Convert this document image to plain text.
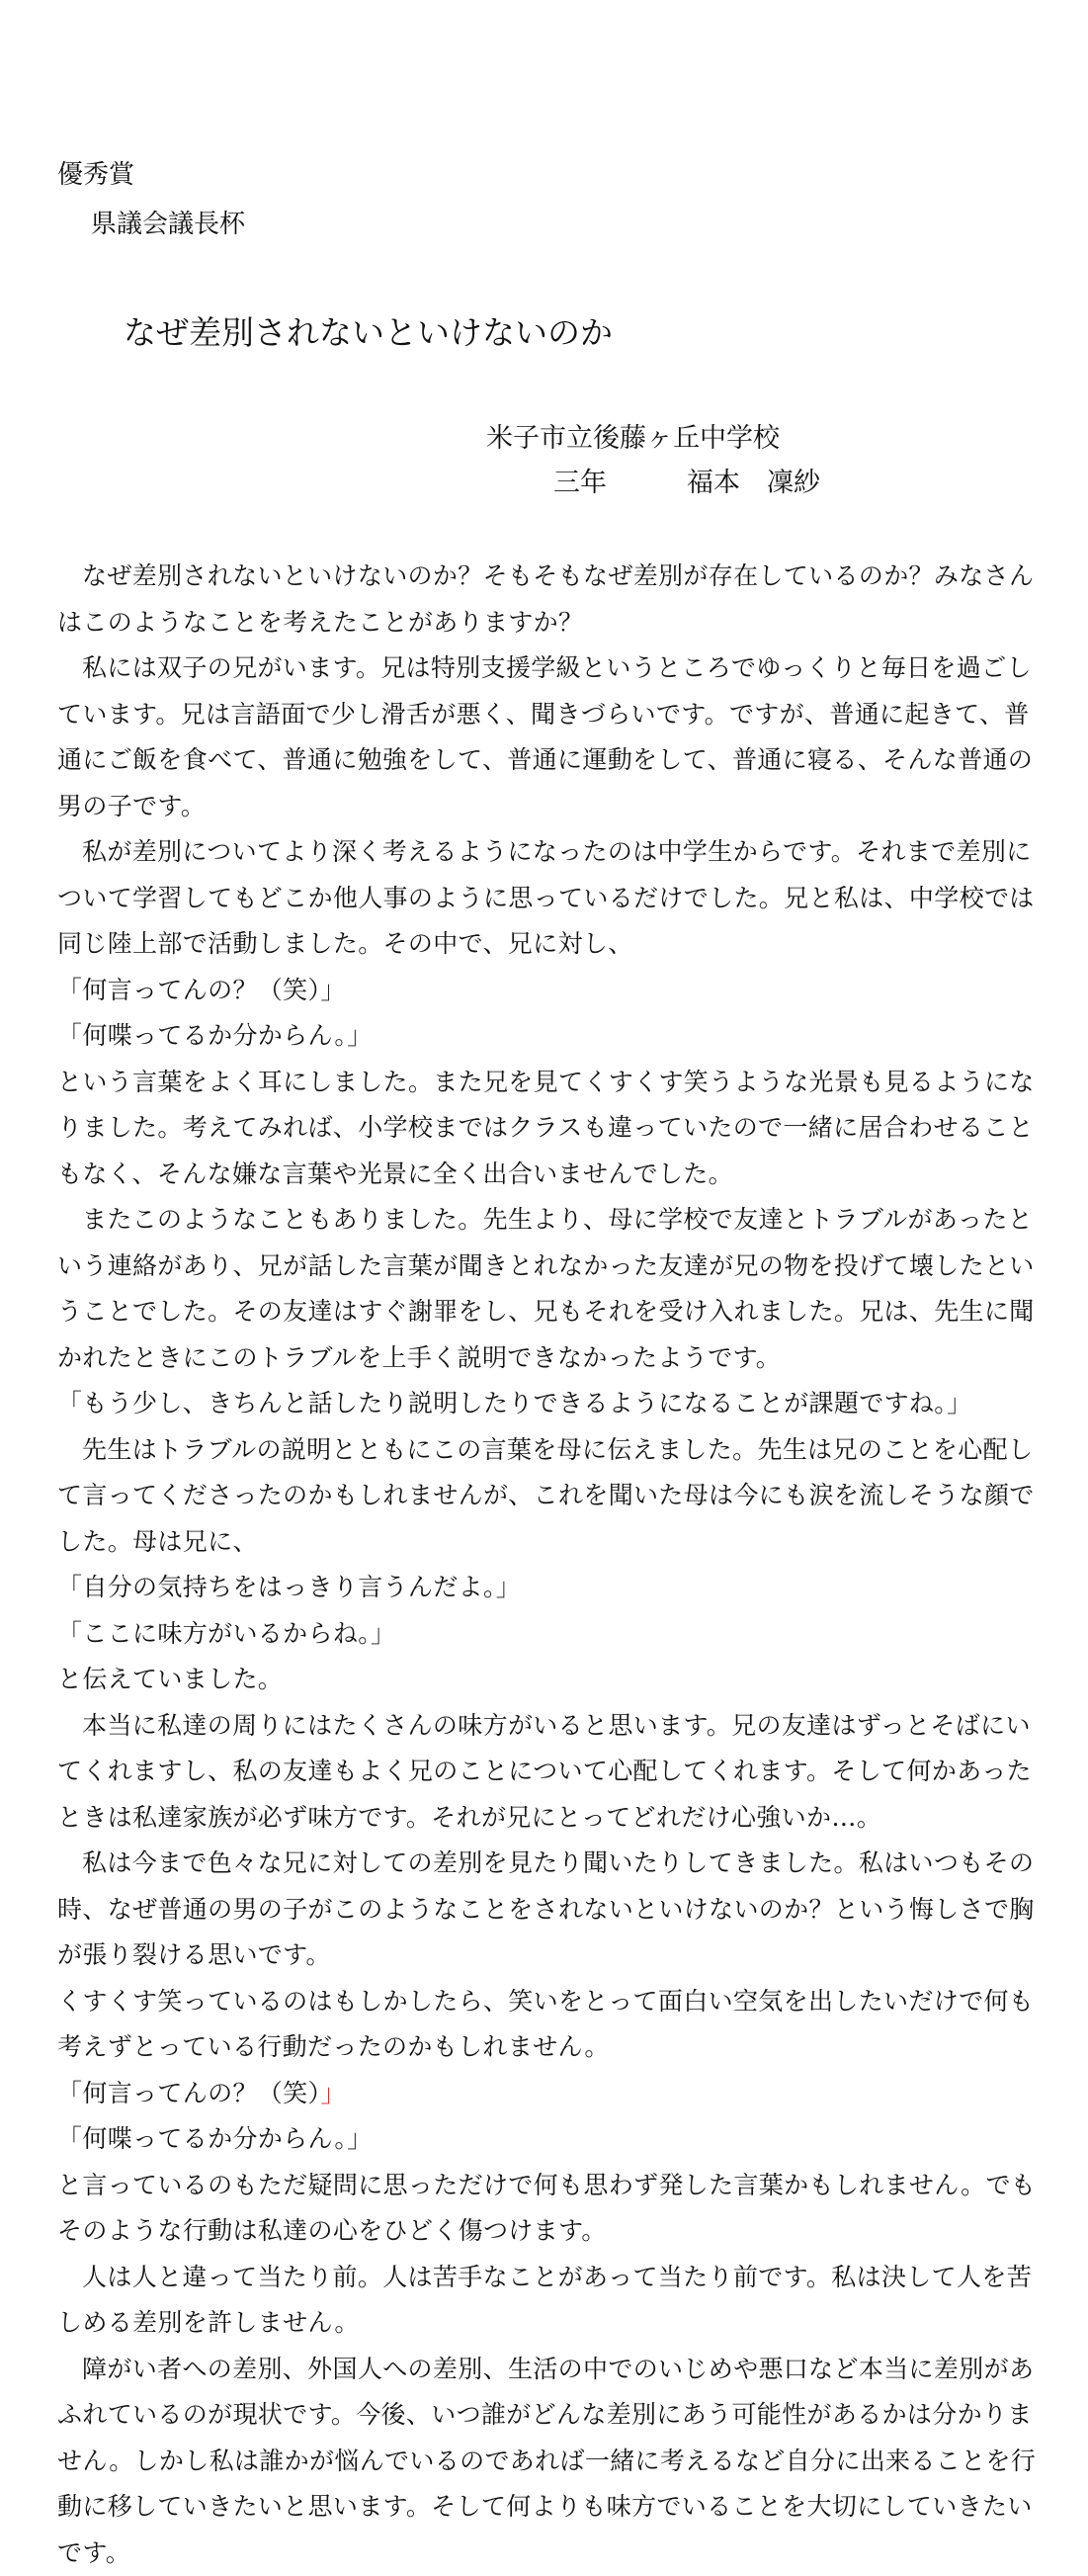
優秀賞
県議会議長杯
なぜ差別されないといけないのか
米子市立後藤ヶ丘中学校
三年　　　	福本　凜紗

なぜ差別されないといけないのか？そもそもなぜ差別が存在しているのか？みなさんはこのようなことを考えたことがありますか？

私には双子の兄がいます。兄は特別支援学級というところでゆっくりと毎日を過ごしています。兄は言語面で少し滑舌が悪く、聞きづらいです。ですが、普通に起きて、普通にご飯を食べて、普通に勉強をして、普通に運動をして、普通に寝る、そんな普通の男の子です。

私が差別についてより深く考えるようになったのは中学生からです。それまで差別について学習してもどこか他人事のように思っているだけでした。兄と私は、中学校では同じ陸上部で活動しました。その中で、兄に対し、

「何言ってんの？（笑）」

「何喋ってるか分からん。」

という言葉をよく耳にしました。また兄を見てくすくす笑うような光景も見るようになりました。考えてみれば、小学校まではクラスも違っていたので一緒に居合わせることもなく、そんな嫌な言葉や光景に全く出合いませんでした。

またこのようなこともありました。先生より、母に学校で友達とトラブルがあったという連絡があり、兄が話した言葉が聞きとれなかった友達が兄の物を投げて壊したということでした。その友達はすぐ謝罪をし、兄もそれを受け入れました。兄は、先生に聞かれたときにこのトラブルを上手く説明できなかったようです。

「もう少し、きちんと話したり説明したりできるようになることが課題ですね。」

先生はトラブルの説明とともにこの言葉を母に伝えました。先生は兄のことを心配して言ってくださったのかもしれませんが、これを聞いた母は今にも涙を流しそうな顔でした。母は兄に、

「自分の気持ちをはっきり言うんだよ。」

「ここに味方がいるからね。」

と伝えていました。

本当に私達の周りにはたくさんの味方がいると思います。兄の友達はずっとそばにいてくれますし、私の友達もよく兄のことについて心配してくれます。そして何かあったときは私達家族が必ず味方です。それが兄にとってどれだけ心強いか…。

私は今まで色々な兄に対しての差別を見たり聞いたりしてきました。私はいつもその時、なぜ普通の男の子がこのようなことをされないといけないのか？という悔しさで胸が張り裂ける思いです。

くすくす笑っているのはもしかしたら、笑いをとって面白い空気を出したいだけで何も考えずとっている行動だったのかもしれません。

「何言ってんの？（笑）」

「何喋ってるか分からん。」

と言っているのもただ疑問に思っただけで何も思わず発した言葉かもしれません。でもそのような行動は私達の心をひどく傷つけます。

人は人と違って当たり前。人は苦手なことがあって当たり前です。私は決して人を苦しめる差別を許しません。

障がい者への差別、外国人への差別、生活の中でのいじめや悪口など本当に差別があふれているのが現状です。今後、いつ誰がどんな差別にあう可能性があるかは分かりません。しかし私は誰かが悩んでいるのであれば一緒に考えるなど自分に出来ることを行動に移していきたいと思います。そして何よりも味方でいることを大切にしていきたいです。
